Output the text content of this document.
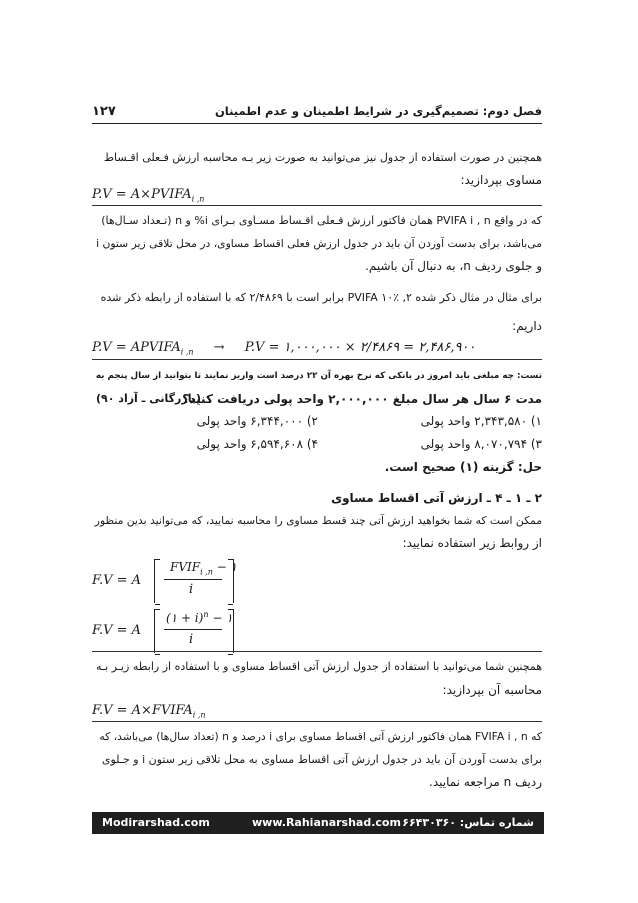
۱۲۷	فصل دوم: تصمیم‌گیری در شرایط اطمینان و عدم اطمینان
همچنین در صورت استفاده از جدول نیز می‌توانید به صورت زیر بـه محاسبه ارزش فـعلی اقـساط
مساوی بپردازید:
$P.V = A\times PVIFA_{i ,n}$
که در واقع PVIFA i , n همان فاکتور ارزش فـعلی اقـساط مسـاوی بـرای i% و n (تـعداد سـال‌ها)
می‌باشد، برای بدست آوردن آن باید در جدول ارزش فعلی اقساط مساوی، در محل تلاقی زیر ستون i
و جلوی ردیف n، به دنبال آن باشیم.
برای مثال در مثال ذکر شده PVIFA ۱۰٪ ,۲ برابر است با ۲/۴۸۶۹ که با استفاده از رابطه ذکر شده
داریم:
$P.V = APVIFA_{i ,n} \to P.V$ = ۱,۰۰۰,۰۰۰ × ۲/۴۸۶۹ = ۲,۴۸۶,۹۰۰
تست: چه مبلغی باید امروز در بانکی که نرخ بهره آن ۲۲ درصد است واریز نمایند تا بتوانید از سال پنجم به
مدت ۶ سال هر سال مبلغ ۲,۰۰۰,۰۰۰ واحد پولی دریافت کنید؟
(بازرگانی ـ آزاد ۹۰)
۱) ۲,۳۴۳,۵۸۰ واحد پولی
۲) ۶,۳۴۴,۰۰۰ واحد پولی
۳) ۸,۰۷۰,۷۹۴ واحد پولی
۴) ۶,۵۹۴,۶۰۸ واحد پولی
حل: گزینه (۱) صحیح است.
۲ ـ ۱ ـ ۴ ـ ارزش آتی اقساط مساوی
ممکن است که شما بخواهید ارزش آتی چند قسط مساوی را محاسبه نمایید، که می‌توانید بدین منظور
از روابط زیر استفاده نمایید:
F.V = A
$FVIF_{i ,n}$ − ۱
i
F.V = A
(۱ + i)$^n$ − ۱
i
همچنین شما می‌توانید با استفاده از جدول ارزش آتی اقساط مساوی و با استفاده از رابطه زیـر بـه
محاسبه آن بپردازید:
$F.V = A\times FVIFA_{i ,n}$
که FVIFA i , n همان فاکتور ارزش آتی اقساط مساوی برای i درصد و n (تعداد سال‌ها) می‌باشد، که
برای بدست آوردن آن باید در جدول ارزش آتی اقساط مساوی به محل تلاقی زیر ستون i و جـلوی
ردیف n مراجعه نمایید.
شماره تماس: ۶۶۴۳۰۳۶۰
www.Rahianarshad.com
Modirarshad.com
